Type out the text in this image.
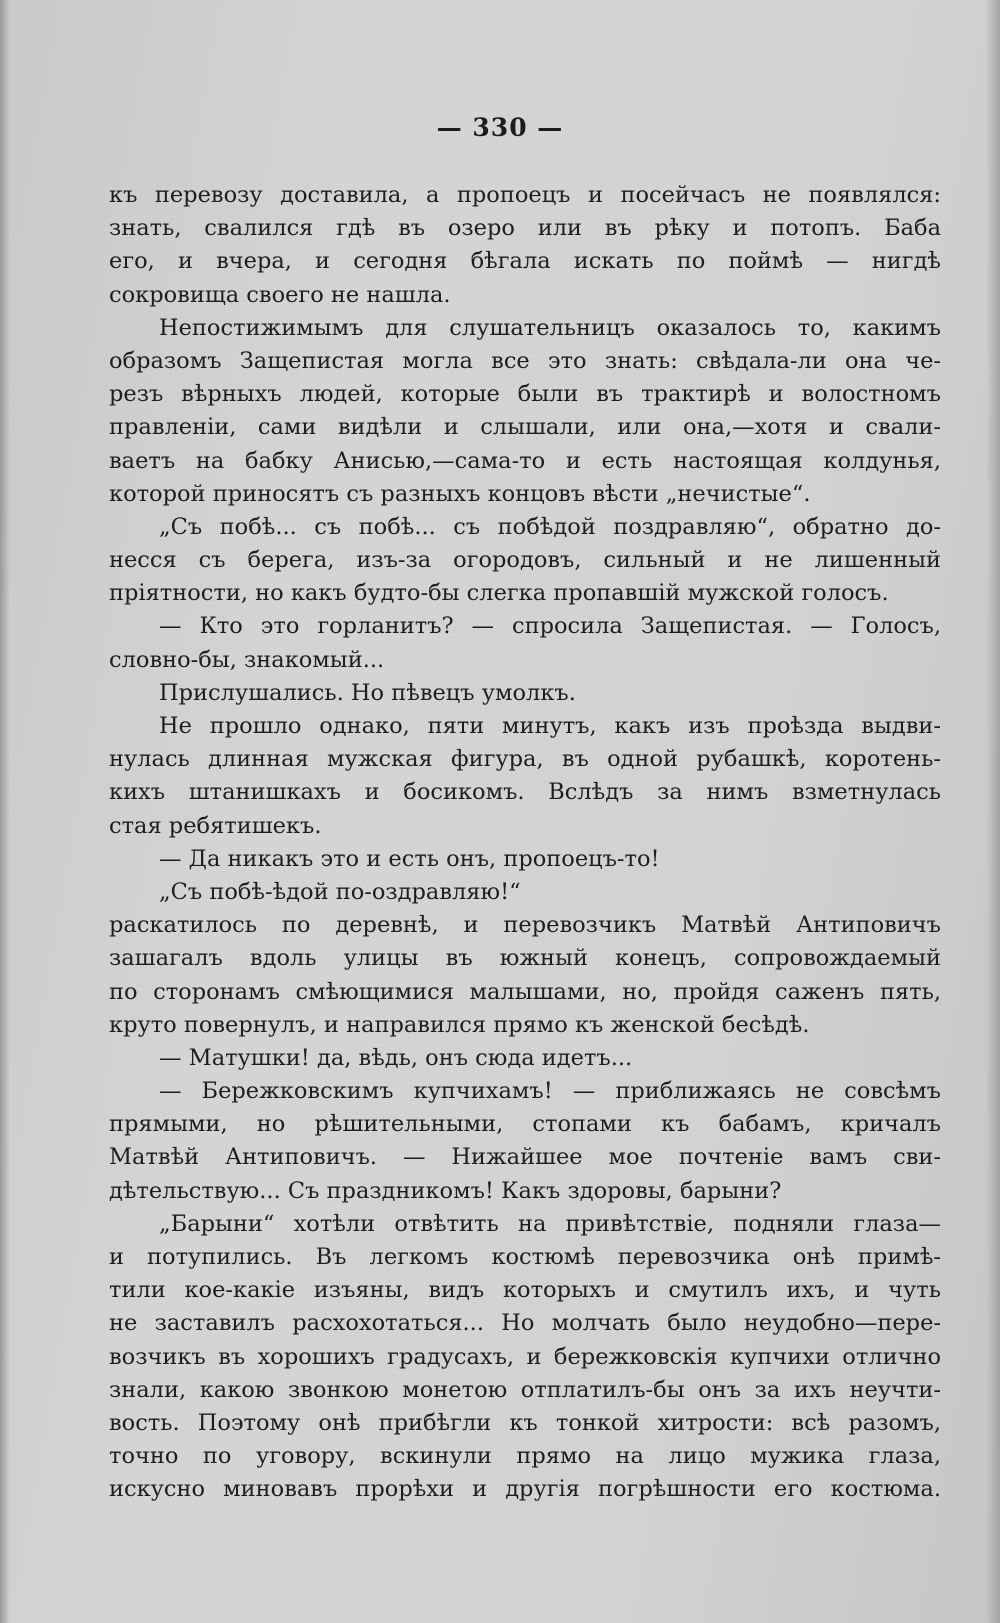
— 330 —
къ перевозу доставила, а пропоецъ и посейчасъ не появлялся:
знать, свалился гдѣ въ озеро или въ рѣку и потопъ. Баба
его, и вчера, и сегодня бѣгала искать по поймѣ — нигдѣ
сокровища своего не нашла.
Непостижимымъ для слушательницъ оказалось то, какимъ
образомъ Защепистая могла все это знать: свѣдала-ли она че-
резъ вѣрныхъ людей, которые были въ трактирѣ и волостномъ
правленіи, сами видѣли и слышали, или она,—хотя и свали-
ваетъ на бабку Анисью,—сама-то и есть настоящая колдунья,
которой приносятъ съ разныхъ концовъ вѣсти „нечистые“.
„Съ побѣ... съ побѣ... съ побѣдой поздравляю“, обратно до-
несся съ берега, изъ-за огородовъ, сильный и не лишенный
пріятности, но какъ будто-бы слегка пропавшій мужской голосъ.
— Кто это горланитъ? — спросила Защепистая. — Голосъ,
словно-бы, знакомый...
Прислушались. Но пѣвецъ умолкъ.
Не прошло однако, пяти минутъ, какъ изъ проѣзда выдви-
нулась длинная мужская фигура, въ одной рубашкѣ, коротень-
кихъ штанишкахъ и босикомъ. Вслѣдъ за нимъ взметнулась
стая ребятишекъ.
— Да никакъ это и есть онъ, пропоецъ-то!
„Съ побѣ-ѣдой по-оздравляю!“
раскатилось по деревнѣ, и перевозчикъ Матвѣй Антиповичъ
зашагалъ вдоль улицы въ южный конецъ, сопровождаемый
по сторонамъ смѣющимися малышами, но, пройдя саженъ пять,
круто повернулъ, и направился прямо къ женской бесѣдѣ.
— Матушки! да, вѣдь, онъ сюда идетъ...
— Бережковскимъ купчихамъ! — приближаясь не совсѣмъ
прямыми, но рѣшительными, стопами къ бабамъ, кричалъ
Матвѣй Антиповичъ. — Нижайшее мое почтеніе вамъ сви-
дѣтельствую... Съ праздникомъ! Какъ здоровы, барыни?
„Барыни“ хотѣли отвѣтить на привѣтствіе, подняли глаза—
и потупились. Въ легкомъ костюмѣ перевозчика онѣ примѣ-
тили кое-какіе изъяны, видъ которыхъ и смутилъ ихъ, и чуть
не заставилъ расхохотаться... Но молчать было неудобно—пере-
возчикъ въ хорошихъ градусахъ, и бережковскія купчихи отлично
знали, какою звонкою монетою отплатилъ-бы онъ за ихъ неучти-
вость. Поэтому онѣ прибѣгли къ тонкой хитрости: всѣ разомъ,
точно по уговору, вскинули прямо на лицо мужика глаза,
искусно миновавъ прорѣхи и другія погрѣшности его костюма.
